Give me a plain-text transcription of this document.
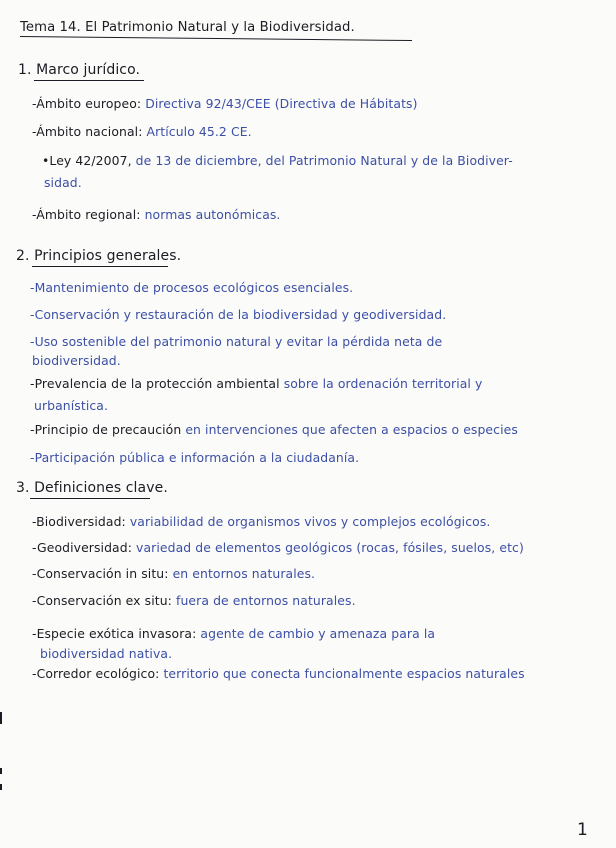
Tema 14. El Patrimonio Natural y la Biodiversidad.
1. Marco jurídico.
-Ámbito europeo: Directiva 92/43/CEE (Directiva de Hábitats)
-Ámbito nacional: Artículo 45.2 CE.
•Ley 42/2007, de 13 de diciembre, del Patrimonio Natural y de la Biodiver-
sidad.
-Ámbito regional: normas autonómicas.
2. Principios generales.
-Mantenimiento de procesos ecológicos esenciales.
-Conservación y restauración de la biodiversidad y geodiversidad.
-Uso sostenible del patrimonio natural y evitar la pérdida neta de
biodiversidad.
-Prevalencia de la protección ambiental sobre la ordenación territorial y
urbanística.
-Principio de precaución en intervenciones que afecten a espacios o especies
-Participación pública e información a la ciudadanía.
3. Definiciones clave.
-Biodiversidad: variabilidad de organismos vivos y complejos ecológicos.
-Geodiversidad: variedad de elementos geológicos (rocas, fósiles, suelos, etc)
-Conservación in situ: en entornos naturales.
-Conservación ex situ: fuera de entornos naturales.
-Especie exótica invasora: agente de cambio y amenaza para la
biodiversidad nativa.
-Corredor ecológico: territorio que conecta funcionalmente espacios naturales
1
